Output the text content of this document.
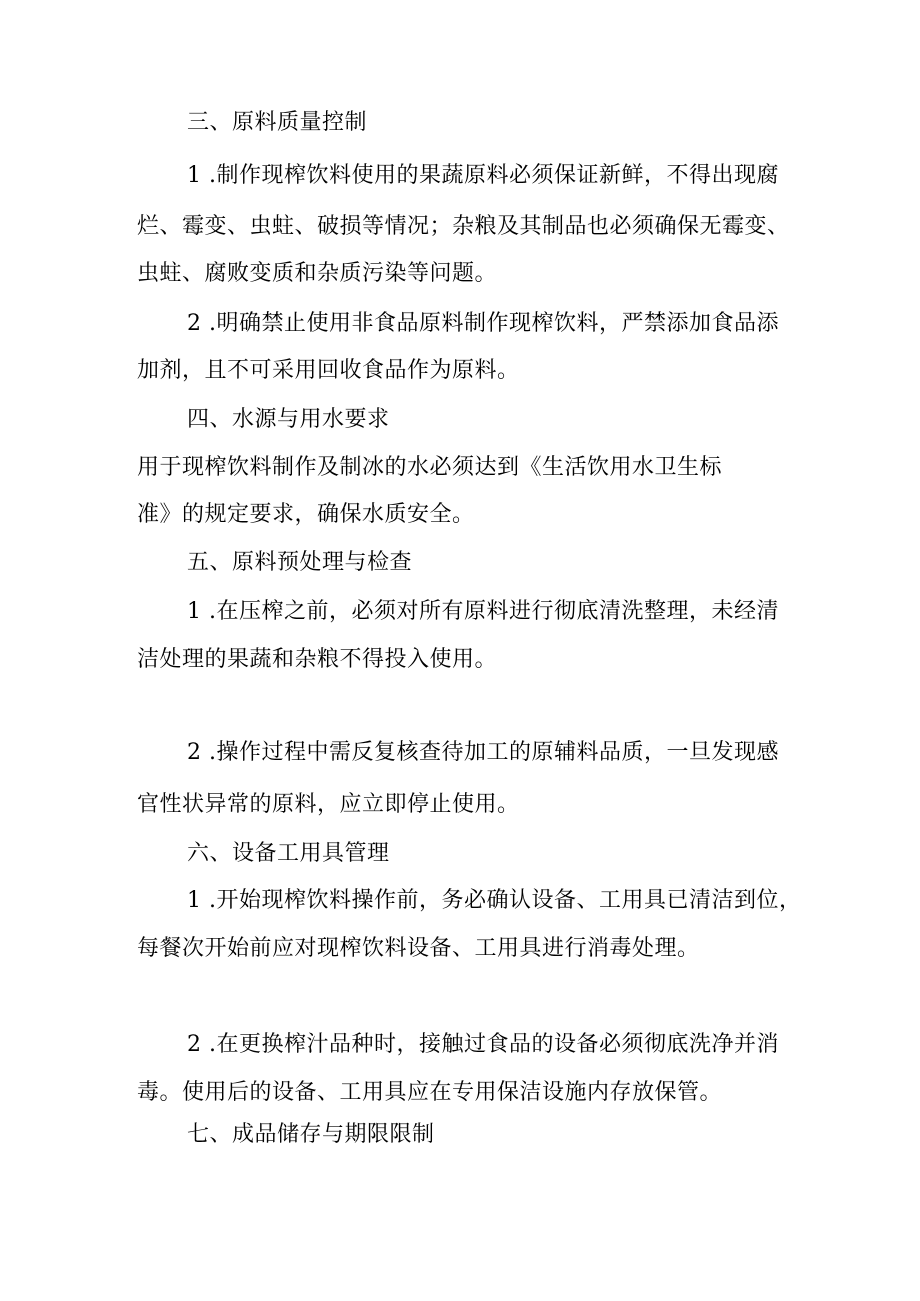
三、原料质量控制
1 .制作现榨饮料使用的果蔬原料必须保证新鲜，不得出现腐
烂、霉变、虫蛀、破损等情况；杂粮及其制品也必须确保无霉变、
虫蛀、腐败变质和杂质污染等问题。
2 .明确禁止使用非食品原料制作现榨饮料，严禁添加食品添
加剂，且不可采用回收食品作为原料。
四、水源与用水要求
用于现榨饮料制作及制冰的水必须达到《生活饮用水卫生标
准》的规定要求，确保水质安全。
五、原料预处理与检查
1 .在压榨之前，必须对所有原料进行彻底清洗整理，未经清
洁处理的果蔬和杂粮不得投入使用。
2 .操作过程中需反复核查待加工的原辅料品质，一旦发现感
官性状异常的原料，应立即停止使用。
六、设备工用具管理
1 .开始现榨饮料操作前，务必确认设备、工用具已清洁到位，
每餐次开始前应对现榨饮料设备、工用具进行消毒处理。
2 .在更换榨汁品种时，接触过食品的设备必须彻底洗净并消
毒。使用后的设备、工用具应在专用保洁设施内存放保管。
七、成品储存与期限限制
